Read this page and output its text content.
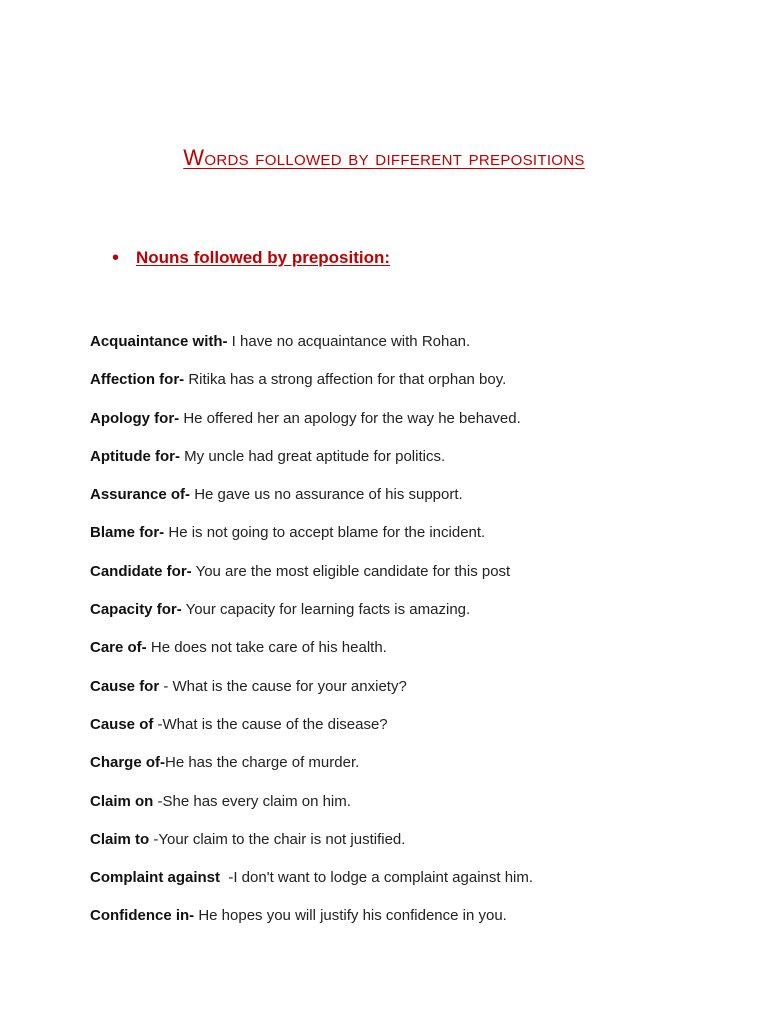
Words followed by different prepositions
• Nouns followed by preposition:
Acquaintance with- I have no acquaintance with Rohan.
Affection for- Ritika has a strong affection for that orphan boy.
Apology for- He offered her an apology for the way he behaved.
Aptitude for- My uncle had great aptitude for politics.
Assurance of- He gave us no assurance of his support.
Blame for- He is not going to accept blame for the incident.
Candidate for- You are the most eligible candidate for this post
Capacity for- Your capacity for learning facts is amazing.
Care of- He does not take care of his health.
Cause for - What is the cause for your anxiety?
Cause of -What is the cause of the disease?
Charge of-He has the charge of murder.
Claim on -She has every claim on him.
Claim to -Your claim to the chair is not justified.
Complaint against  -I don't want to lodge a complaint against him.
Confidence in- He hopes you will justify his confidence in you.
